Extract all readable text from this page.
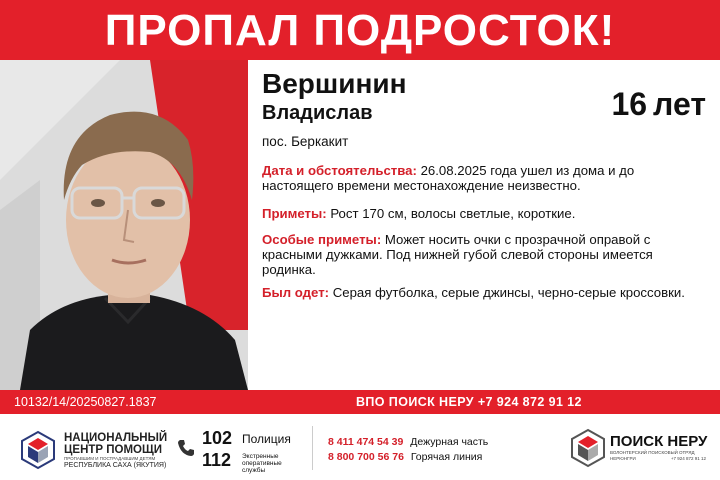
ПРОПАЛ ПОДРОСТОК!
Вершинин
Владислав	16 лет
пос. Беркакит
Дата и обстоятельства: 26.08.2025 года ушел из дома и до настоящего времени местонахождение неизвестно.
Приметы: Рост 170 см, волосы светлые, короткие.
Особые приметы: Может носить очки с прозрачной оправой с красными дужками. Под нижней губой слевой стороны имеется родинка.
Был одет: Серая футболка, серые джинсы, черно-серые кроссовки.
10132/14/20250827.1837	ВПО ПОИСК НЕРУ +7 924 872 91 12
НАЦИОНАЛЬНЫЙ
ЦЕНТР ПОМОЩИ
ПРОПАВШИМ И ПОСТРАДАВШИМ ДЕТЯМ
РЕСПУБЛИКА САХА (ЯКУТИЯ)
102 Полиция
112 Экстренные оперативные службы
8 411 474 54 39 Дежурная часть
8 800 700 56 76 Горячая линия
ПОИСК НЕРУ
ВОЛОНТЕРСКИЙ ПОИСКОВЫЙ ОТРЯД
НЕРЮНГРИ	+7 924 872 91 12
